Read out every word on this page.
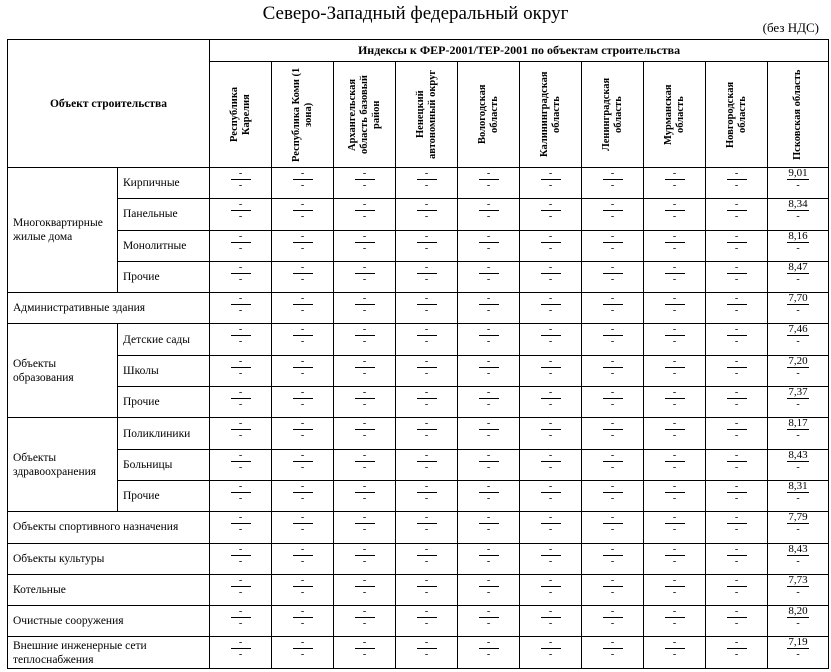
Северо-Западный федеральный округ
(без НДС)
Объект строительства		Индексы к ФЕР-2001/ТЕР-2001 по объектам строительства									

		Республика Карелия	Республика Коми (1 зона)	Архангельская область базовый район	Ненецкий автономный округ	Вологодская область	Калининградская область	Ленинградская область	Мурманская область	Новгородская область	Псковская область

Многоквартирные жилые дома	Кирпичные	$\frac{-}{-}$	$\frac{-}{-}$	$\frac{-}{-}$	$\frac{-}{-}$	$\frac{-}{-}$	$\frac{-}{-}$	$\frac{-}{-}$	$\frac{-}{-}$	$\frac{-}{-}$	$\frac{9,01}{-}$

	Панельные	$\frac{-}{-}$	$\frac{-}{-}$	$\frac{-}{-}$	$\frac{-}{-}$	$\frac{-}{-}$	$\frac{-}{-}$	$\frac{-}{-}$	$\frac{-}{-}$	$\frac{-}{-}$	$\frac{8,34}{-}$

	Монолитные	$\frac{-}{-}$	$\frac{-}{-}$	$\frac{-}{-}$	$\frac{-}{-}$	$\frac{-}{-}$	$\frac{-}{-}$	$\frac{-}{-}$	$\frac{-}{-}$	$\frac{-}{-}$	$\frac{8,16}{-}$

	Прочие	$\frac{-}{-}$	$\frac{-}{-}$	$\frac{-}{-}$	$\frac{-}{-}$	$\frac{-}{-}$	$\frac{-}{-}$	$\frac{-}{-}$	$\frac{-}{-}$	$\frac{-}{-}$	$\frac{8,47}{-}$

Административные здания		$\frac{-}{-}$	$\frac{-}{-}$	$\frac{-}{-}$	$\frac{-}{-}$	$\frac{-}{-}$	$\frac{-}{-}$	$\frac{-}{-}$	$\frac{-}{-}$	$\frac{-}{-}$	$\frac{7,70}{-}$

Объекты образования	Детские сады	$\frac{-}{-}$	$\frac{-}{-}$	$\frac{-}{-}$	$\frac{-}{-}$	$\frac{-}{-}$	$\frac{-}{-}$	$\frac{-}{-}$	$\frac{-}{-}$	$\frac{-}{-}$	$\frac{7,46}{-}$

	Школы	$\frac{-}{-}$	$\frac{-}{-}$	$\frac{-}{-}$	$\frac{-}{-}$	$\frac{-}{-}$	$\frac{-}{-}$	$\frac{-}{-}$	$\frac{-}{-}$	$\frac{-}{-}$	$\frac{7,20}{-}$

	Прочие	$\frac{-}{-}$	$\frac{-}{-}$	$\frac{-}{-}$	$\frac{-}{-}$	$\frac{-}{-}$	$\frac{-}{-}$	$\frac{-}{-}$	$\frac{-}{-}$	$\frac{-}{-}$	$\frac{7,37}{-}$

Объекты здравоохранения	Поликлиники	$\frac{-}{-}$	$\frac{-}{-}$	$\frac{-}{-}$	$\frac{-}{-}$	$\frac{-}{-}$	$\frac{-}{-}$	$\frac{-}{-}$	$\frac{-}{-}$	$\frac{-}{-}$	$\frac{8,17}{-}$

	Больницы	$\frac{-}{-}$	$\frac{-}{-}$	$\frac{-}{-}$	$\frac{-}{-}$	$\frac{-}{-}$	$\frac{-}{-}$	$\frac{-}{-}$	$\frac{-}{-}$	$\frac{-}{-}$	$\frac{8,43}{-}$

	Прочие	$\frac{-}{-}$	$\frac{-}{-}$	$\frac{-}{-}$	$\frac{-}{-}$	$\frac{-}{-}$	$\frac{-}{-}$	$\frac{-}{-}$	$\frac{-}{-}$	$\frac{-}{-}$	$\frac{8,31}{-}$

Объекты спортивного назначения		$\frac{-}{-}$	$\frac{-}{-}$	$\frac{-}{-}$	$\frac{-}{-}$	$\frac{-}{-}$	$\frac{-}{-}$	$\frac{-}{-}$	$\frac{-}{-}$	$\frac{-}{-}$	$\frac{7,79}{-}$

Объекты культуры		$\frac{-}{-}$	$\frac{-}{-}$	$\frac{-}{-}$	$\frac{-}{-}$	$\frac{-}{-}$	$\frac{-}{-}$	$\frac{-}{-}$	$\frac{-}{-}$	$\frac{-}{-}$	$\frac{8,43}{-}$

Котельные		$\frac{-}{-}$	$\frac{-}{-}$	$\frac{-}{-}$	$\frac{-}{-}$	$\frac{-}{-}$	$\frac{-}{-}$	$\frac{-}{-}$	$\frac{-}{-}$	$\frac{-}{-}$	$\frac{7,73}{-}$

Очистные сооружения		$\frac{-}{-}$	$\frac{-}{-}$	$\frac{-}{-}$	$\frac{-}{-}$	$\frac{-}{-}$	$\frac{-}{-}$	$\frac{-}{-}$	$\frac{-}{-}$	$\frac{-}{-}$	$\frac{8,20}{-}$

Внешние инженерные сети теплоснабжения		$\frac{-}{-}$	$\frac{-}{-}$	$\frac{-}{-}$	$\frac{-}{-}$	$\frac{-}{-}$	$\frac{-}{-}$	$\frac{-}{-}$	$\frac{-}{-}$	$\frac{-}{-}$	$\frac{7,19}{-}$
